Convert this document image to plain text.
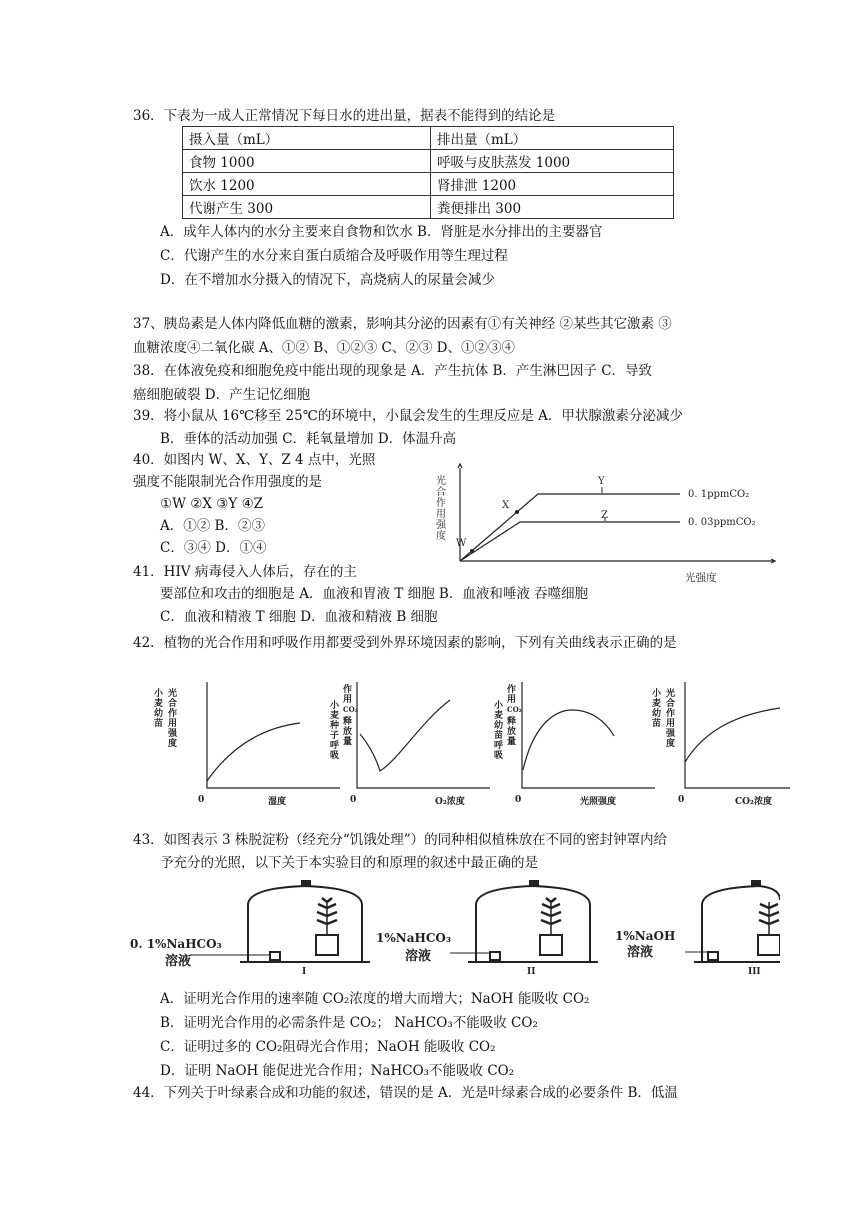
36．下表为一成人正常情况下每日水的进出量，据表不能得到的结论是
摄入量（mL）	排出量（mL）
食物 1000	呼吸与皮肤蒸发 1000
饮水 1200	肾排泄 1200
代谢产生 300	粪便排出 300
A．成年人体内的水分主要来自食物和饮水 B．肾脏是水分排出的主要器官
C．代谢产生的水分来自蛋白质缩合及呼吸作用等生理过程
D．在不增加水分摄入的情况下，高烧病人的尿量会减少
37、胰岛素是人体内降低血糖的激素，影响其分泌的因素有①有关神经 ②某些其它激素 ③
血糖浓度④二氧化碳 A、①② B、①②③ C、②③ D、①②③④
38．在体液免疫和细胞免疫中能出现的现象是 A．产生抗体 B．产生淋巴因子 C．导致
癌细胞破裂 D．产生记忆细胞
39．将小鼠从 16℃移至 25℃的环境中，小鼠会发生的生理反应是 A．甲状腺激素分泌减少
B．垂体的活动加强 C．耗氧量增加 D．体温升高
40．如图内 W、X、Y、Z 4 点中，光照
强度不能限制光合作用强度的是
①W ②X ③Y ④Z
A．①② B．②③
C．③④ D．①④
光
合
作
用
强
度
W
X
Y
Z
0. 1ppmCO₂
0. 03ppmCO₂
光强度
41．HIV 病毒侵入人体后，存在的主
要部位和攻击的细胞是 A．血液和胃液 T 细胞 B．血液和唾液 吞噬细胞
C．血液和精液 T 细胞 D．血液和精液 B 细胞
42．植物的光合作用和呼吸作用都要受到外界环境因素的影响，下列有关曲线表示正确的是
小
麦
幼
苗
光
合
作
用
强
度
0	湿度
小
麦
种
子
呼
吸
作
用
CO₂
释
放
量
0	O₂浓度
小
麦
幼
苗
呼
吸
作
用
CO₂
释
放
量
0	光照强度
小
麦
幼
苗
光
合
作
用
强
度
0	CO₂浓度
43．如图表示 3 株脱淀粉（经充分“饥饿处理”）的同种相似植株放在不同的密封钟罩内给
予充分的光照，以下关于本实验目的和原理的叙述中最正确的是
0. 1%NaHCO₃
溶液
I
1%NaHCO₃
溶液
II
1%NaOH
溶液
III
A．证明光合作用的速率随 CO₂浓度的增大而增大；NaOH 能吸收 CO₂
B．证明光合作用的必需条件是 CO₂； NaHCO₃不能吸收 CO₂
C．证明过多的 CO₂阻碍光合作用；NaOH 能吸收 CO₂
D．证明 NaOH 能促进光合作用；NaHCO₃不能吸收 CO₂
44．下列关于叶绿素合成和功能的叙述，错误的是 A．光是叶绿素合成的必要条件 B．低温
